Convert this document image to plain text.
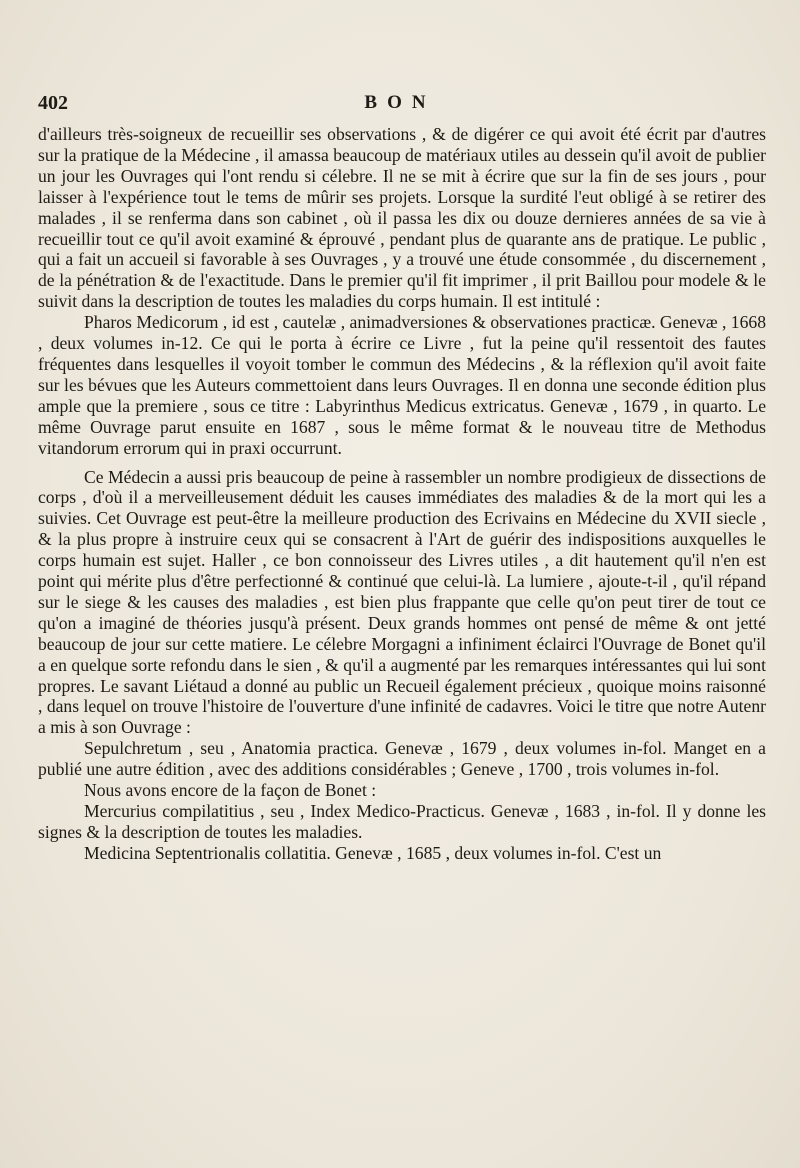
402	BON

d'ailleurs très-soigneux de recueillir ses observations , & de digérer ce qui avoit été écrit par d'autres sur la pratique de la Médecine , il amassa beaucoup de matériaux utiles au dessein qu'il avoit de publier un jour les Ouvrages qui l'ont rendu si célebre. Il ne se mit à écrire que sur la fin de ses jours , pour laisser à l'expérience tout le tems de mûrir ses projets. Lorsque la surdité l'eut obligé à se retirer des malades , il se renferma dans son cabinet , où il passa les dix ou douze dernieres années de sa vie à recueillir tout ce qu'il avoit examiné & éprouvé , pendant plus de quarante ans de pratique. Le public , qui a fait un accueil si favorable à ses Ouvrages , y a trouvé une étude consommée , du discernement , de la pénétration & de l'exactitude. Dans le premier qu'il fit imprimer , il prit Baillou pour modele & le suivit dans la description de toutes les maladies du corps humain. Il est intitulé :

Pharos Medicorum , id est , cautelæ , animadversiones & observationes practicæ. Genevæ , 1668 , deux volumes in-12. Ce qui le porta à écrire ce Livre , fut la peine qu'il ressentoit des fautes fréquentes dans lesquelles il voyoit tomber le commun des Médecins , & la réflexion qu'il avoit faite sur les bévues que les Auteurs commettoient dans leurs Ouvrages. Il en donna une seconde édition plus ample que la premiere , sous ce titre : Labyrinthus Medicus extricatus. Genevæ , 1679 , in quarto. Le même Ouvrage parut ensuite en 1687 , sous le même format & le nouveau titre de Methodus vitandorum errorum qui in praxi occurrunt.

Ce Médecin a aussi pris beaucoup de peine à rassembler un nombre prodigieux de dissections de corps , d'où il a merveilleusement déduit les causes immédiates des maladies & de la mort qui les a suivies. Cet Ouvrage est peut-être la meilleure production des Ecrivains en Médecine du XVII siecle , & la plus propre à instruire ceux qui se consacrent à l'Art de guérir des indispositions auxquelles le corps humain est sujet. Haller , ce bon connoisseur des Livres utiles , a dit hautement qu'il n'en est point qui mérite plus d'être perfectionné & continué que celui-là. La lumiere , ajoute-t-il , qu'il répand sur le siege & les causes des maladies , est bien plus frappante que celle qu'on peut tirer de tout ce qu'on a imaginé de théories jusqu'à présent. Deux grands hommes ont pensé de même & ont jetté beaucoup de jour sur cette matiere. Le célebre Morgagni a infiniment éclairci l'Ouvrage de Bonet qu'il a en quelque sorte refondu dans le sien , & qu'il a augmenté par les remarques intéressantes qui lui sont propres. Le savant Liétaud a donné au public un Recueil également précieux , quoique moins raisonné , dans lequel on trouve l'histoire de l'ouverture d'une infinité de cadavres. Voici le titre que notre Autenr a mis à son Ouvrage :

Sepulchretum , seu , Anatomia practica. Genevæ , 1679 , deux volumes in-fol. Manget en a publié une autre édition , avec des additions considérables ; Geneve , 1700 , trois volumes in-fol.

Nous avons encore de la façon de Bonet :

Mercurius compilatitius , seu , Index Medico-Practicus. Genevæ , 1683 , in-fol. Il y donne les signes & la description de toutes les maladies.

Medicina Septentrionalis collatitia. Genevæ , 1685 , deux volumes in-fol. C'est un
